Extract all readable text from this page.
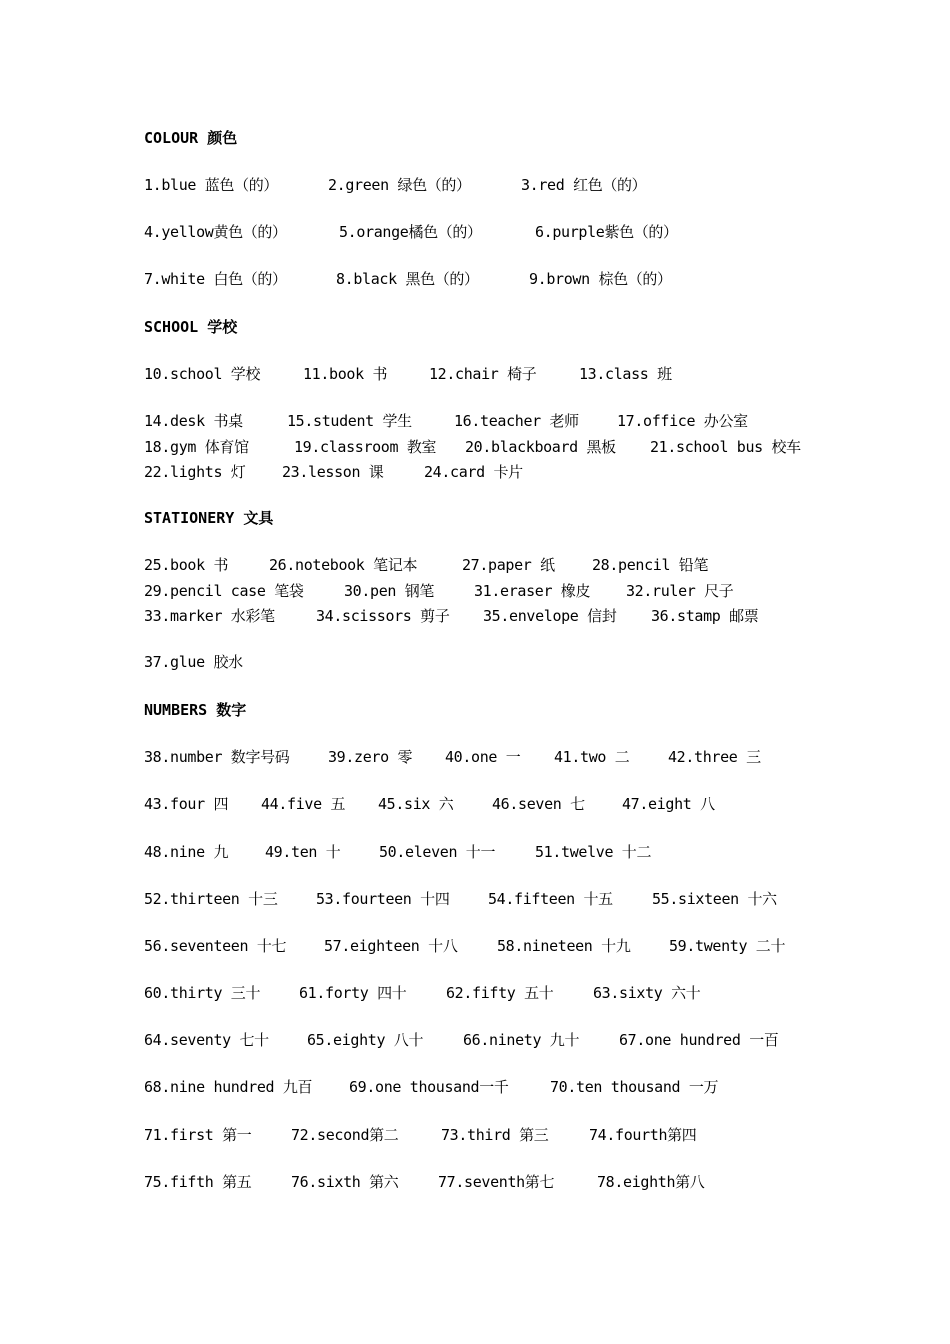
COLOUR 颜色
1.blue 蓝色（的）	2.green 绿色（的）	3.red 红色（的）
4.yellow黄色（的）	5.orange橘色（的）	6.purple紫色（的）
7.white 白色（的）	8.black 黑色（的）	9.brown 棕色（的）
SCHOOL 学校
10.school 学校	11.book 书	12.chair 椅子	13.class 班
14.desk 书桌	15.student 学生	16.teacher 老师	17.office 办公室
18.gym 体育馆	19.classroom 教室 20.blackboard 黑板 21.school bus 校车
22.lights 灯 23.lesson 课	24.card 卡片
STATIONERY 文具
25.book 书	26.notebook 笔记本	27.paper 纸 28.pencil 铅笔
29.pencil case 笔袋	30.pen 钢笔	31.eraser 橡皮 32.ruler 尺子
33.marker 水彩笔	34.scissors 剪子 35.envelope 信封 36.stamp 邮票
37.glue 胶水
NUMBERS 数字
38.number 数字号码	39.zero 零 40.one 一 41.two 二	42.three 三
43.four 四 44.five 五 45.six 六	46.seven 七 47.eight 八
48.nine 九 49.ten 十	50.eleven 十一	51.twelve 十二
52.thirteen 十三	53.fourteen 十四	54.fifteen 十五	55.sixteen 十六
56.seventeen 十七	57.eighteen 十八	58.nineteen 十九	59.twenty 二十
60.thirty 三十	61.forty 四十	62.fifty 五十	63.sixty 六十
64.seventy 七十	65.eighty 八十	66.ninety 九十	67.one hundred 一百
68.nine hundred 九百 69.one thousand一千	70.ten thousand 一万
71.first 第一	72.second第二	73.third 第三	74.fourth第四
75.fifth 第五	76.sixth 第六	77.seventh第七	78.eighth第八
